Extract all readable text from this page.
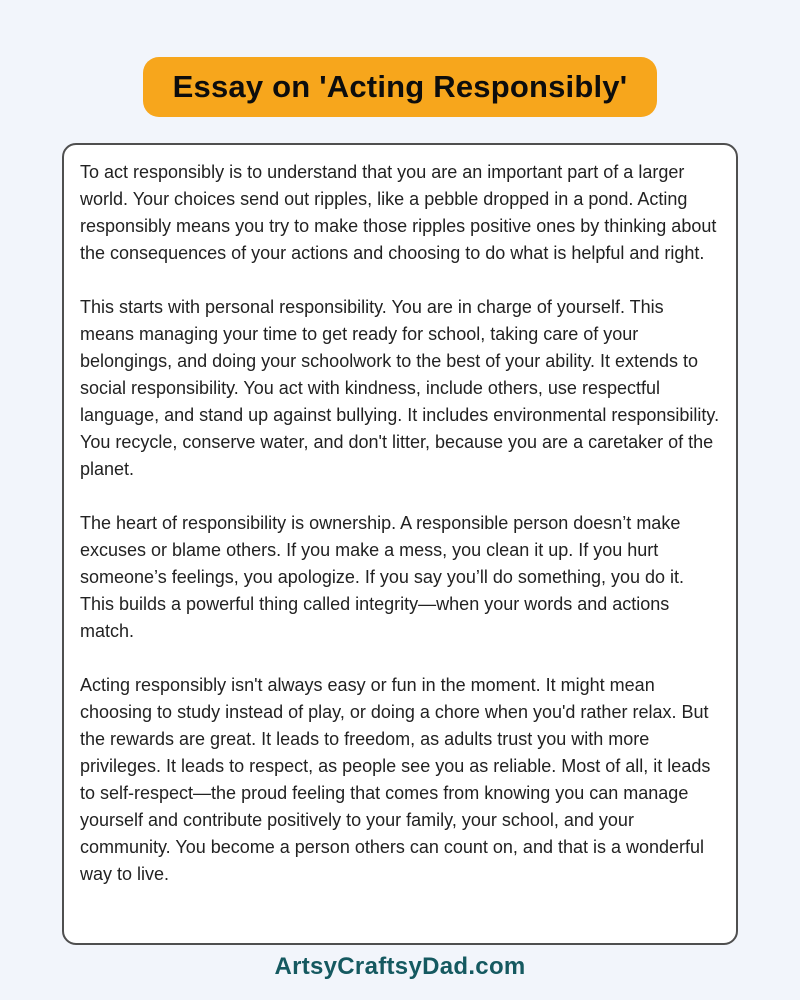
Essay on 'Acting Responsibly'

To act responsibly is to understand that you are an important part of a larger world. Your choices send out ripples, like a pebble dropped in a pond. Acting responsibly means you try to make those ripples positive ones by thinking about the consequences of your actions and choosing to do what is helpful and right.

This starts with personal responsibility. You are in charge of yourself. This means managing your time to get ready for school, taking care of your belongings, and doing your schoolwork to the best of your ability. It extends to social responsibility. You act with kindness, include others, use respectful language, and stand up against bullying. It includes environmental responsibility. You recycle, conserve water, and don't litter, because you are a caretaker of the planet.

The heart of responsibility is ownership. A responsible person doesn’t make excuses or blame others. If you make a mess, you clean it up. If you hurt someone’s feelings, you apologize. If you say you’ll do something, you do it. This builds a powerful thing called integrity—when your words and actions match.

Acting responsibly isn't always easy or fun in the moment. It might mean choosing to study instead of play, or doing a chore when you'd rather relax. But the rewards are great. It leads to freedom, as adults trust you with more privileges. It leads to respect, as people see you as reliable. Most of all, it leads to self-respect—the proud feeling that comes from knowing you can manage yourself and contribute positively to your family, your school, and your community. You become a person others can count on, and that is a wonderful way to live.

ArtsyCraftsyDad.com
